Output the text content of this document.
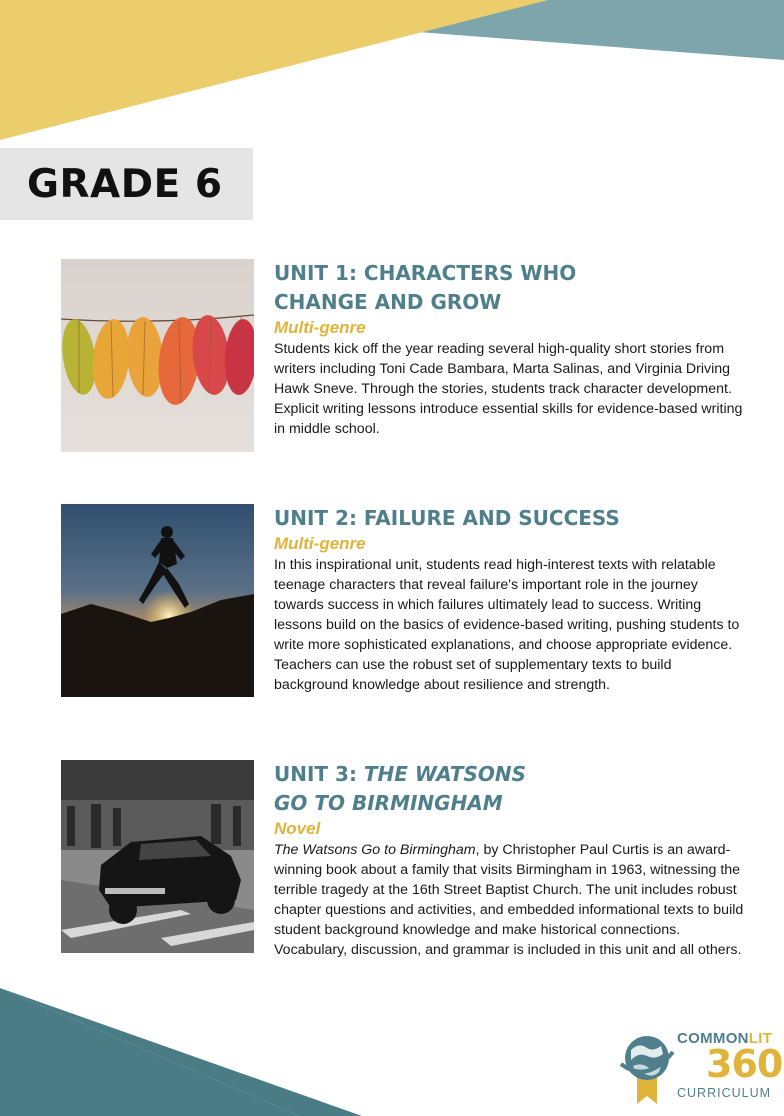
GRADE 6
UNIT 1: CHARACTERS WHO
CHANGE AND GROW

Multi-genre

Students kick off the year reading several high-quality short stories from writers including Toni Cade Bambara, Marta Salinas, and Virginia Driving Hawk Sneve. Through the stories, students track character development. Explicit writing lessons introduce essential skills for evidence-based writing in middle school.

UNIT 2: FAILURE AND SUCCESS

Multi-genre

In this inspirational unit, students read high-interest texts with relatable teenage characters that reveal failure's important role in the journey towards success in which failures ultimately lead to success. Writing lessons build on the basics of evidence-based writing, pushing students to write more sophisticated explanations, and choose appropriate evidence. Teachers can use the robust set of supplementary texts to build background knowledge about resilience and strength.

UNIT 3: THE WATSONS
GO TO BIRMINGHAM

Novel

The Watsons Go to Birmingham, by Christopher Paul Curtis is an award-winning book about a family that visits Birmingham in 1963, witnessing the terrible tragedy at the 16th Street Baptist Church. The unit includes robust chapter questions and activities, and embedded informational texts to build student background knowledge and make historical connections. Vocabulary, discussion, and grammar is included in this unit and all others.

COMMONLIT
360
CURRICULUM
